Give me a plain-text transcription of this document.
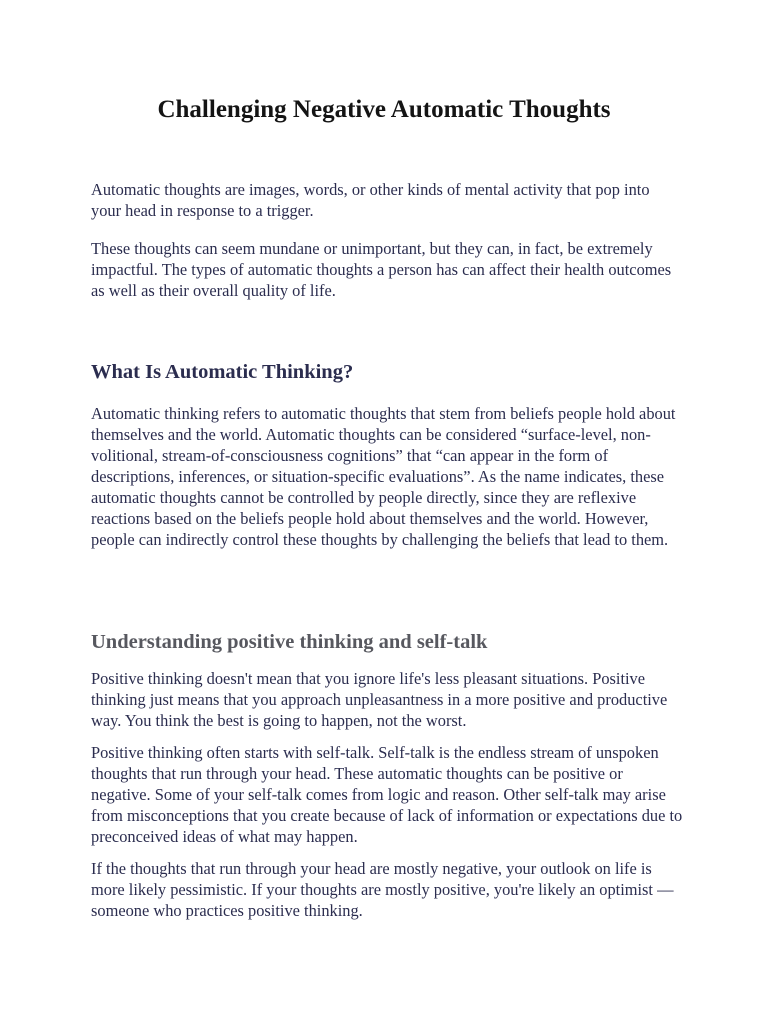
Challenging Negative Automatic Thoughts

Automatic thoughts are images, words, or other kinds of mental activity that pop into your head in response to a trigger.

These thoughts can seem mundane or unimportant, but they can, in fact, be extremely impactful. The types of automatic thoughts a person has can affect their health outcomes as well as their overall quality of life.

What Is Automatic Thinking?

Automatic thinking refers to automatic thoughts that stem from beliefs people hold about themselves and the world. Automatic thoughts can be considered “surface-level, non-volitional, stream-of-consciousness cognitions” that “can appear in the form of descriptions, inferences, or situation-specific evaluations”. As the name indicates, these automatic thoughts cannot be controlled by people directly, since they are reflexive reactions based on the beliefs people hold about themselves and the world. However, people can indirectly control these thoughts by challenging the beliefs that lead to them.

Understanding positive thinking and self-talk

Positive thinking doesn't mean that you ignore life's less pleasant situations. Positive thinking just means that you approach unpleasantness in a more positive and productive way. You think the best is going to happen, not the worst.

Positive thinking often starts with self-talk. Self-talk is the endless stream of unspoken thoughts that run through your head. These automatic thoughts can be positive or negative. Some of your self-talk comes from logic and reason. Other self-talk may arise from misconceptions that you create because of lack of information or expectations due to preconceived ideas of what may happen.

If the thoughts that run through your head are mostly negative, your outlook on life is more likely pessimistic. If your thoughts are mostly positive, you're likely an optimist — someone who practices positive thinking.
